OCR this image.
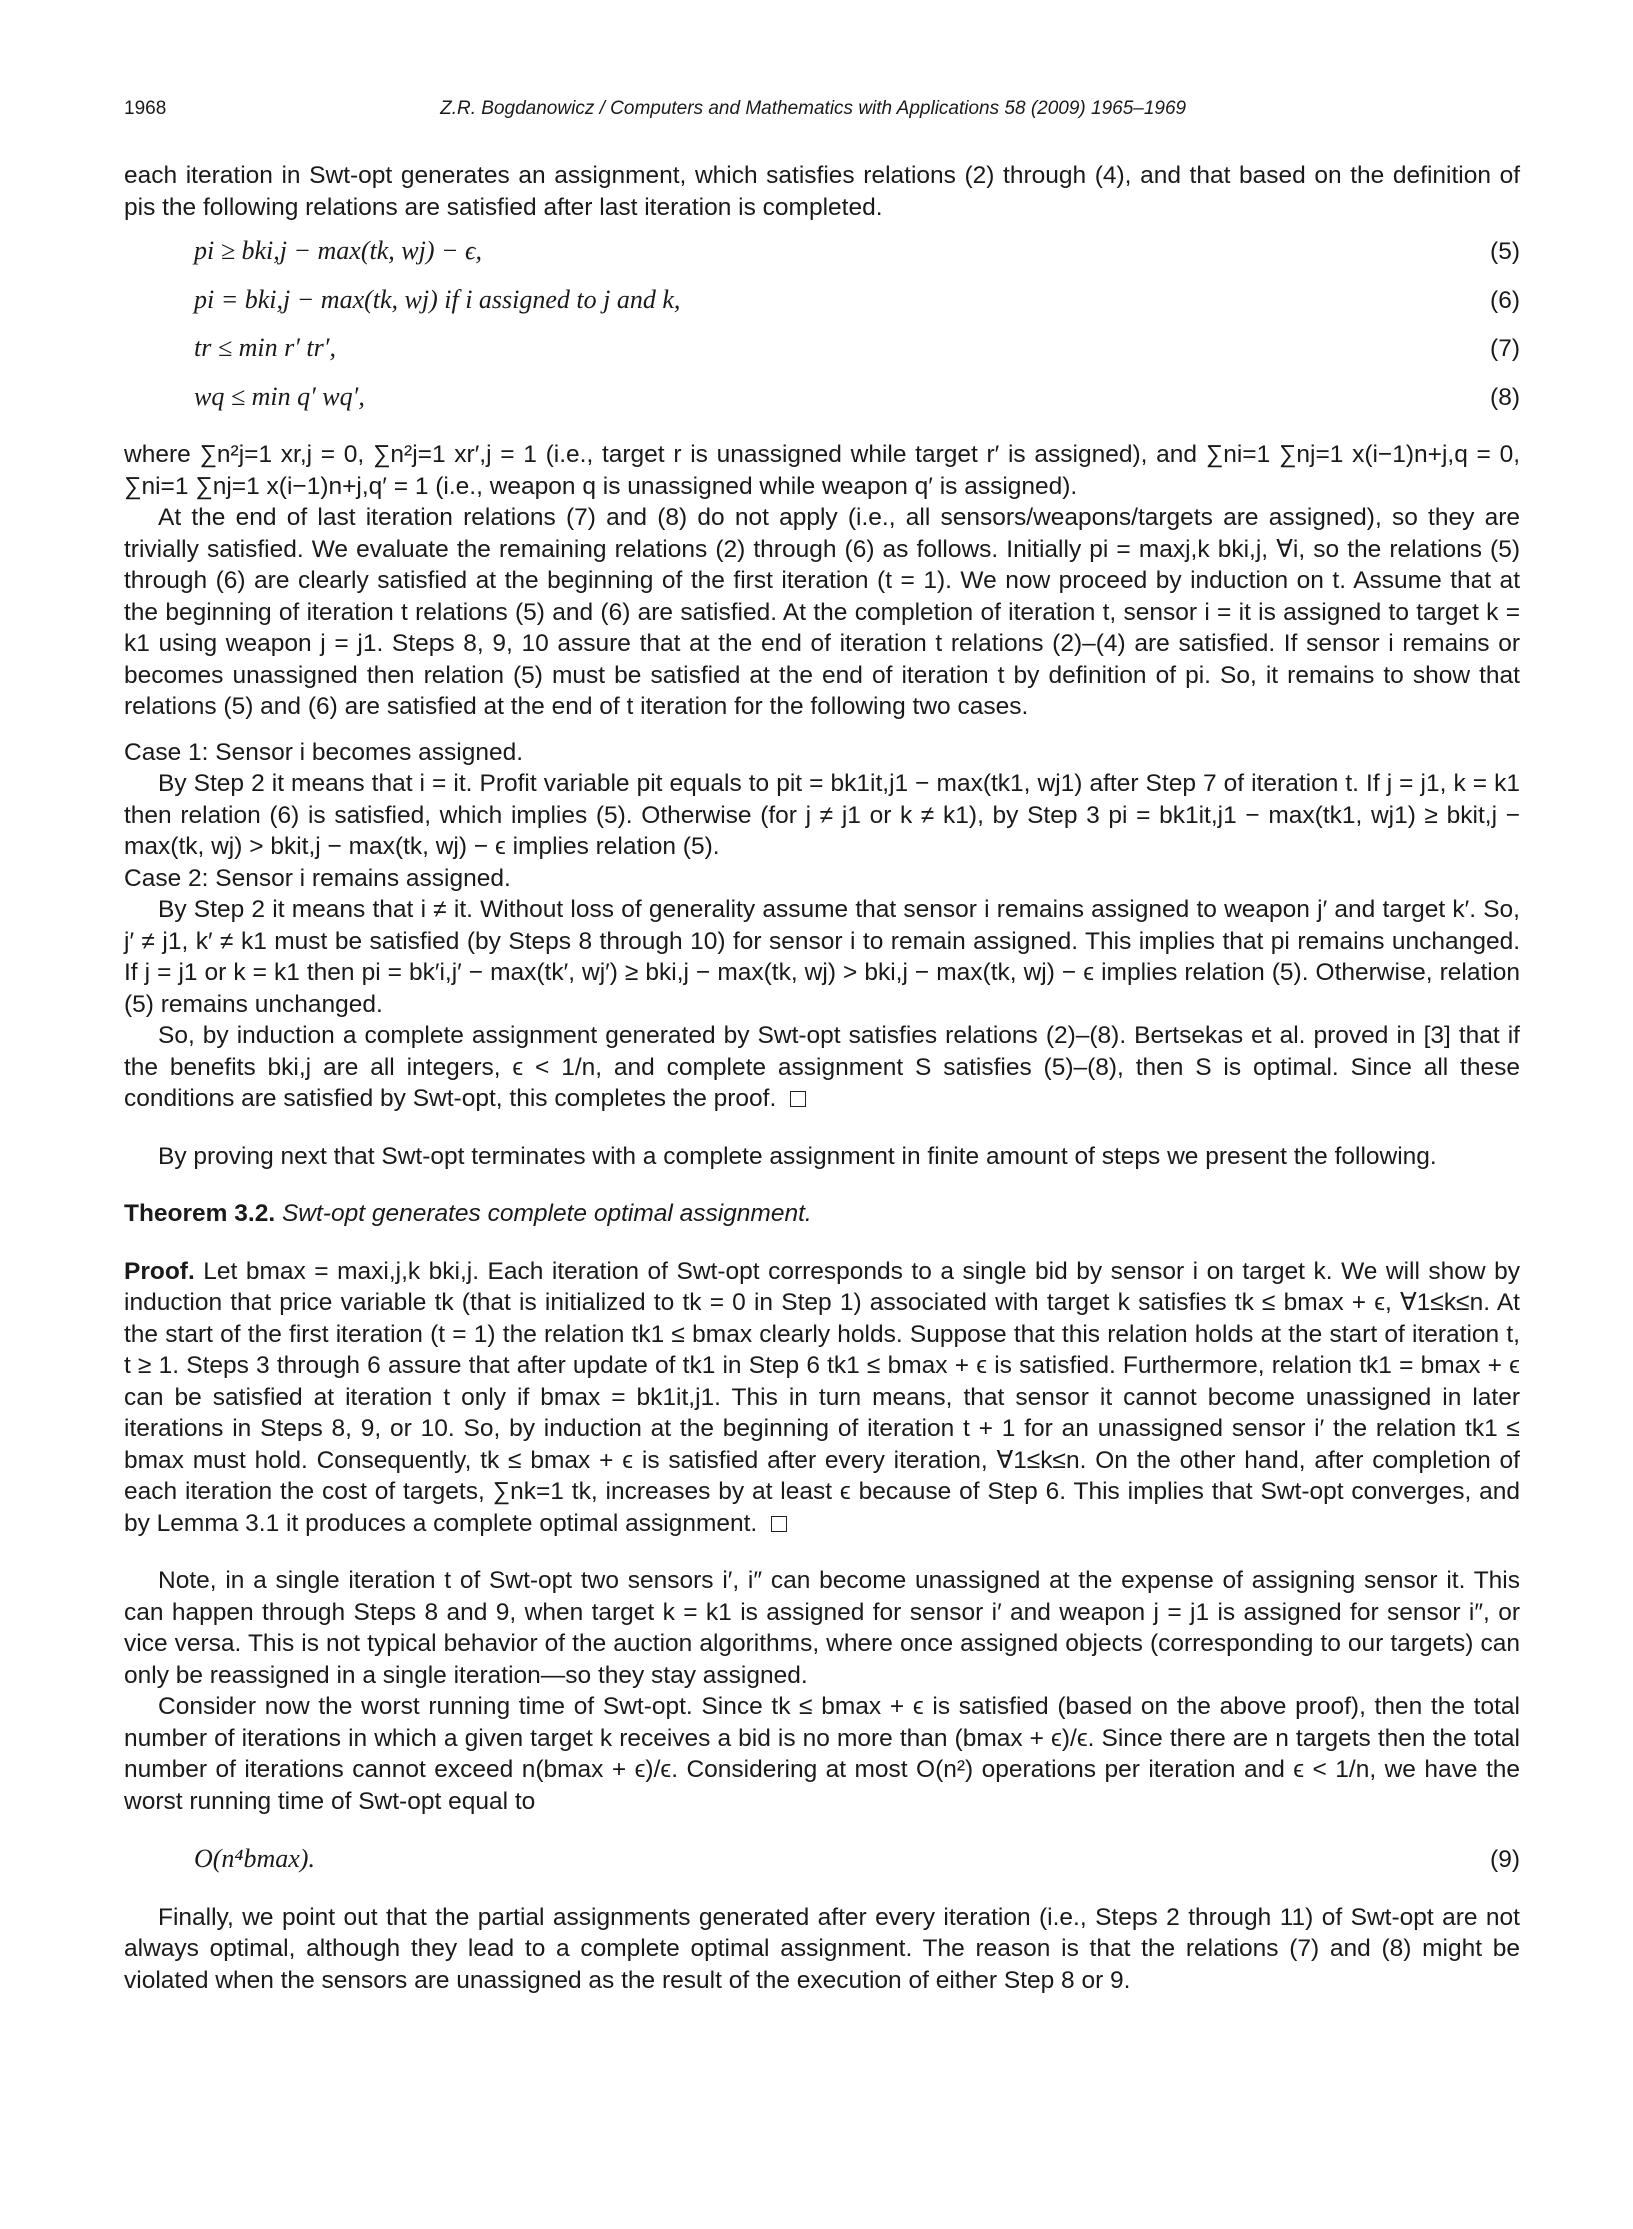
1968	Z.R. Bogdanowicz / Computers and Mathematics with Applications 58 (2009) 1965–1969

each iteration in Swt-opt generates an assignment, which satisfies relations (2) through (4), and that based on the definition of pis the following relations are satisfied after last iteration is completed.

pi ≥ bki,j − max(tk, wj) − ϵ,	(5)
pi = bki,j − max(tk, wj) if i assigned to j and k,	(6)
tr ≤ min r′ tr′,	(7)
wq ≤ min q′ wq′,	(8)

where ∑n²j=1 xr,j = 0, ∑n²j=1 xr′,j = 1 (i.e., target r is unassigned while target r′ is assigned), and ∑ni=1 ∑nj=1 x(i−1)n+j,q = 0, ∑ni=1 ∑nj=1 x(i−1)n+j,q′ = 1 (i.e., weapon q is unassigned while weapon q′ is assigned).

At the end of last iteration relations (7) and (8) do not apply (i.e., all sensors/weapons/targets are assigned), so they are trivially satisfied. We evaluate the remaining relations (2) through (6) as follows. Initially pi = maxj,k bki,j, ∀i, so the relations (5) through (6) are clearly satisfied at the beginning of the first iteration (t = 1). We now proceed by induction on t. Assume that at the beginning of iteration t relations (5) and (6) are satisfied. At the completion of iteration t, sensor i = it is assigned to target k = k1 using weapon j = j1. Steps 8, 9, 10 assure that at the end of iteration t relations (2)–(4) are satisfied. If sensor i remains or becomes unassigned then relation (5) must be satisfied at the end of iteration t by definition of pi. So, it remains to show that relations (5) and (6) are satisfied at the end of t iteration for the following two cases.

Case 1: Sensor i becomes assigned.

By Step 2 it means that i = it. Profit variable pit equals to pit = bk1it,j1 − max(tk1, wj1) after Step 7 of iteration t. If j = j1, k = k1 then relation (6) is satisfied, which implies (5). Otherwise (for j ≠ j1 or k ≠ k1), by Step 3 pi = bk1it,j1 − max(tk1, wj1) ≥ bkit,j − max(tk, wj) > bkit,j − max(tk, wj) − ϵ implies relation (5).

Case 2: Sensor i remains assigned.

By Step 2 it means that i ≠ it. Without loss of generality assume that sensor i remains assigned to weapon j′ and target k′. So, j′ ≠ j1, k′ ≠ k1 must be satisfied (by Steps 8 through 10) for sensor i to remain assigned. This implies that pi remains unchanged. If j = j1 or k = k1 then pi = bk′i,j′ − max(tk′, wj′) ≥ bki,j − max(tk, wj) > bki,j − max(tk, wj) − ϵ implies relation (5). Otherwise, relation (5) remains unchanged.

So, by induction a complete assignment generated by Swt-opt satisfies relations (2)–(8). Bertsekas et al. proved in [3] that if the benefits bki,j are all integers, ϵ < 1/n, and complete assignment S satisfies (5)–(8), then S is optimal. Since all these conditions are satisfied by Swt-opt, this completes the proof.

By proving next that Swt-opt terminates with a complete assignment in finite amount of steps we present the following.

Theorem 3.2. Swt-opt generates complete optimal assignment.

Proof. Let bmax = maxi,j,k bki,j. Each iteration of Swt-opt corresponds to a single bid by sensor i on target k. We will show by induction that price variable tk (that is initialized to tk = 0 in Step 1) associated with target k satisfies tk ≤ bmax + ϵ, ∀1≤k≤n. At the start of the first iteration (t = 1) the relation tk1 ≤ bmax clearly holds. Suppose that this relation holds at the start of iteration t, t ≥ 1. Steps 3 through 6 assure that after update of tk1 in Step 6 tk1 ≤ bmax + ϵ is satisfied. Furthermore, relation tk1 = bmax + ϵ can be satisfied at iteration t only if bmax = bk1it,j1. This in turn means, that sensor it cannot become unassigned in later iterations in Steps 8, 9, or 10. So, by induction at the beginning of iteration t + 1 for an unassigned sensor i′ the relation tk1 ≤ bmax must hold. Consequently, tk ≤ bmax + ϵ is satisfied after every iteration, ∀1≤k≤n. On the other hand, after completion of each iteration the cost of targets, ∑nk=1 tk, increases by at least ϵ because of Step 6. This implies that Swt-opt converges, and by Lemma 3.1 it produces a complete optimal assignment.

Note, in a single iteration t of Swt-opt two sensors i′, i″ can become unassigned at the expense of assigning sensor it. This can happen through Steps 8 and 9, when target k = k1 is assigned for sensor i′ and weapon j = j1 is assigned for sensor i″, or vice versa. This is not typical behavior of the auction algorithms, where once assigned objects (corresponding to our targets) can only be reassigned in a single iteration—so they stay assigned.

Consider now the worst running time of Swt-opt. Since tk ≤ bmax + ϵ is satisfied (based on the above proof), then the total number of iterations in which a given target k receives a bid is no more than (bmax + ϵ)/ϵ. Since there are n targets then the total number of iterations cannot exceed n(bmax + ϵ)/ϵ. Considering at most O(n²) operations per iteration and ϵ < 1/n, we have the worst running time of Swt-opt equal to

O(n⁴bmax).	(9)

Finally, we point out that the partial assignments generated after every iteration (i.e., Steps 2 through 11) of Swt-opt are not always optimal, although they lead to a complete optimal assignment. The reason is that the relations (7) and (8) might be violated when the sensors are unassigned as the result of the execution of either Step 8 or 9.
